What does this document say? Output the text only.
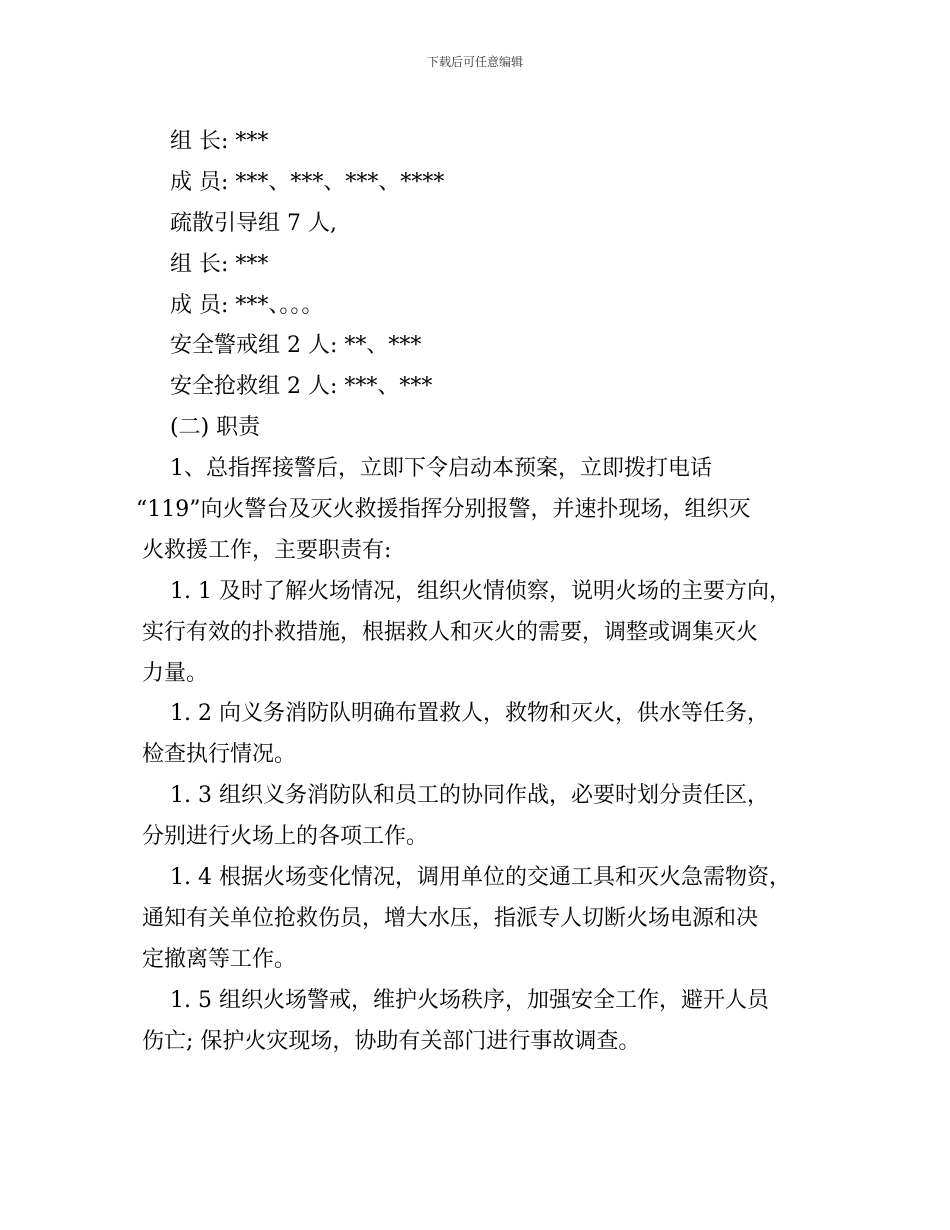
下载后可任意编辑
组 长: ***
成 员: ***、***、***、****
疏散引导组 7 人,
组 长: ***
成 员: ***、。。。
安全警戒组 2 人: **、***
安全抢救组 2 人: ***、***
(二) 职责
1、总指挥接警后，立即下令启动本预案，立即拨打电话
“119”向火警台及灭火救援指挥分别报警，并速扑现场，组织灭
火救援工作，主要职责有:
1. 1 及时了解火场情况，组织火情侦察，说明火场的主要方向，
实行有效的扑救措施，根据救人和灭火的需要，调整或调集灭火
力量。
1. 2 向义务消防队明确布置救人，救物和灭火，供水等任务，
检查执行情况。
1. 3 组织义务消防队和员工的协同作战，必要时划分责任区，
分别进行火场上的各项工作。
1. 4 根据火场变化情况，调用单位的交通工具和灭火急需物资，
通知有关单位抢救伤员，增大水压，指派专人切断火场电源和决
定撤离等工作。
1. 5 组织火场警戒，维护火场秩序，加强安全工作，避开人员
伤亡; 保护火灾现场，协助有关部门进行事故调查。
